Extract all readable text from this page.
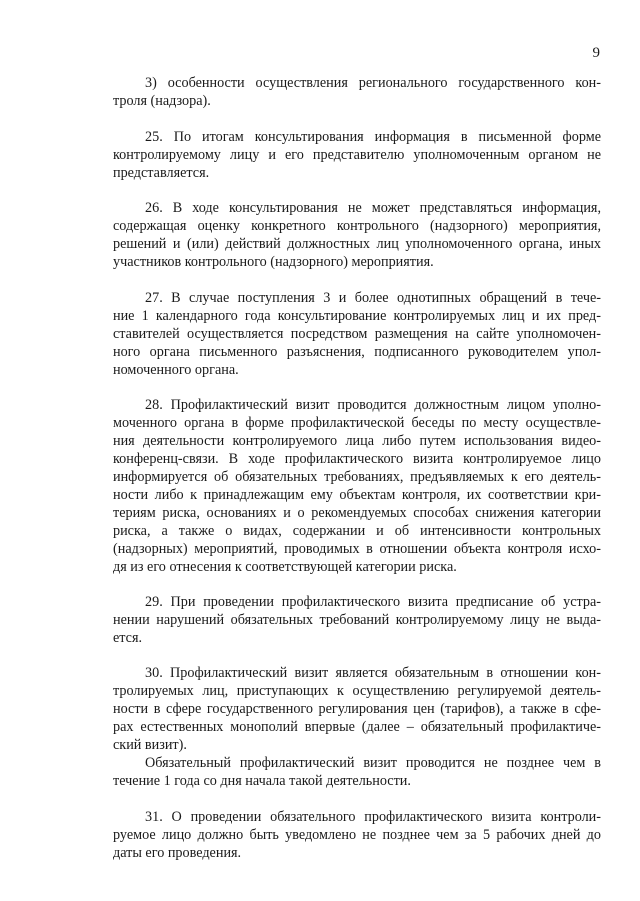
9
3) особенности осуществления регионального государственного кон-
троля (надзора).
25. По итогам консультирования информация в письменной форме
контролируемому лицу и его представителю уполномоченным органом не
представляется.
26. В ходе консультирования не может представляться информация,
содержащая оценку конкретного контрольного (надзорного) мероприятия,
решений и (или) действий должностных лиц уполномоченного органа, иных
участников контрольного (надзорного) мероприятия.
27. В случае поступления 3 и более однотипных обращений в тече-
ние 1 календарного года консультирование контролируемых лиц и их пред-
ставителей осуществляется посредством размещения на сайте уполномочен-
ного органа письменного разъяснения, подписанного руководителем упол-
номоченного органа.
28. Профилактический визит проводится должностным лицом уполно-
моченного органа в форме профилактической беседы по месту осуществле-
ния деятельности контролируемого лица либо путем использования видео-
конференц-связи. В ходе профилактического визита контролируемое лицо
информируется об обязательных требованиях, предъявляемых к его деятель-
ности либо к принадлежащим ему объектам контроля, их соответствии кри-
териям риска, основаниях и о рекомендуемых способах снижения категории
риска, а также о видах, содержании и об интенсивности контрольных
(надзорных) мероприятий, проводимых в отношении объекта контроля исхо-
дя из его отнесения к соответствующей категории риска.
29. При проведении профилактического визита предписание об устра-
нении нарушений обязательных требований контролируемому лицу не выда-
ется.
30. Профилактический визит является обязательным в отношении кон-
тролируемых лиц, приступающих к осуществлению регулируемой деятель-
ности в сфере государственного регулирования цен (тарифов), а также в сфе-
рах естественных монополий впервые (далее – обязательный профилактиче-
ский визит).
Обязательный профилактический визит проводится не позднее чем в
течение 1 года со дня начала такой деятельности.
31. О проведении обязательного профилактического визита контроли-
руемое лицо должно быть уведомлено не позднее чем за 5 рабочих дней до
даты его проведения.
